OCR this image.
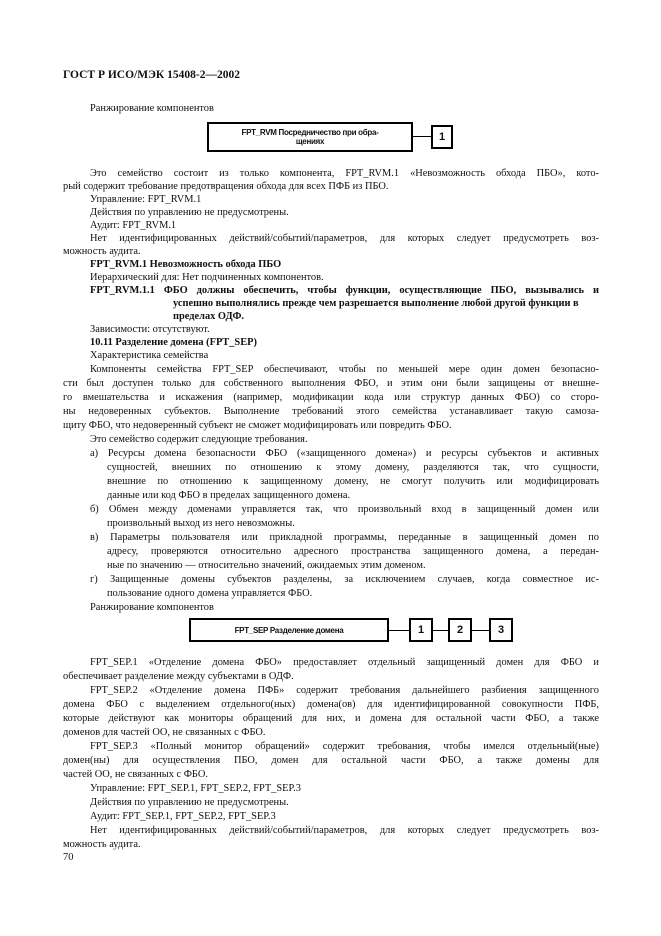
ГОСТ Р ИСО/МЭК 15408-2—2002
Ранжирование компонентов
FPT_RVM Посредничество при обра-
щениях	1
Это семейство состоит из только компонента, FPT_RVM.1 «Невозможность обхода ПБО», кото-
рый содержит требование предотвращения обхода для всех ПФБ из ПБО.
Управление: FPT_RVM.1
Действия по управлению не предусмотрены.
Аудит: FPT_RVM.1
Нет идентифицированных действий/событий/параметров, для которых следует предусмотреть воз-
можность аудита.
FPT_RVM.1 Невозможность обхода ПБО
Иерархический для: Нет подчиненных компонентов.
FPT_RVM.1.1 ФБО должны обеспечить, чтобы функции, осуществляющие ПБО, вызывались и
успешно выполнялись прежде чем разрешается выполнение любой другой функции в
пределах ОДФ.
Зависимости: отсутствуют.
10.11 Разделение домена (FPT_SEP)
Характеристика семейства
Компоненты семейства FPT_SEP обеспечивают, чтобы по меньшей мере один домен безопасно-
сти был доступен только для собственного выполнения ФБО, и этим они были защищены от внешне-
го вмешательства и искажения (например, модификации кода или структур данных ФБО) со сторо-
ны недоверенных субъектов. Выполнение требований этого семейства устанавливает такую самоза-
щиту ФБО, что недоверенный субъект не сможет модифицировать или повредить ФБО.
Это семейство содержит следующие требования.
а) Ресурсы домена безопасности ФБО («защищенного домена») и ресурсы субъектов и активных
сущностей, внешних по отношению к этому домену, разделяются так, что сущности,
внешние по отношению к защищенному домену, не смогут получить или модифицировать
данные или код ФБО в пределах защищенного домена.
б) Обмен между доменами управляется так, что произвольный вход в защищенный домен или
произвольный выход из него невозможны.
в) Параметры пользователя или прикладной программы, переданные в защищенный домен по
адресу, проверяются относительно адресного пространства защищенного домена, а передан-
ные по значению — относительно значений, ожидаемых этим доменом.
г) Защищенные домены субъектов разделены, за исключением случаев, когда совместное ис-
пользование одного домена управляется ФБО.
Ранжирование компонентов
FPT_SEP Разделение домена	1	2	3
FPT_SEP.1 «Отделение домена ФБО» предоставляет отдельный защищенный домен для ФБО и
обеспечивает разделение между субъектами в ОДФ.
FPT_SEP.2 «Отделение домена ПФБ» содержит требования дальнейшего разбиения защищенного
домена ФБО с выделением отдельного(ных) домена(ов) для идентифицированной совокупности ПФБ,
которые действуют как мониторы обращений для них, и домена для остальной части ФБО, а также
доменов для частей ОО, не связанных с ФБО.
FPT_SEP.3 «Полный монитор обращений» содержит требования, чтобы имелся отдельный(ные)
домен(ны) для осуществления ПБО, домен для остальной части ФБО, а также домены для
частей ОО, не связанных с ФБО.
Управление: FPT_SEP.1, FPT_SEP.2, FPT_SEP.3
Действия по управлению не предусмотрены.
Аудит: FPT_SEP.1, FPT_SEP.2, FPT_SEP.3
Нет идентифицированных действий/событий/параметров, для которых следует предусмотреть воз-
можность аудита.
70
